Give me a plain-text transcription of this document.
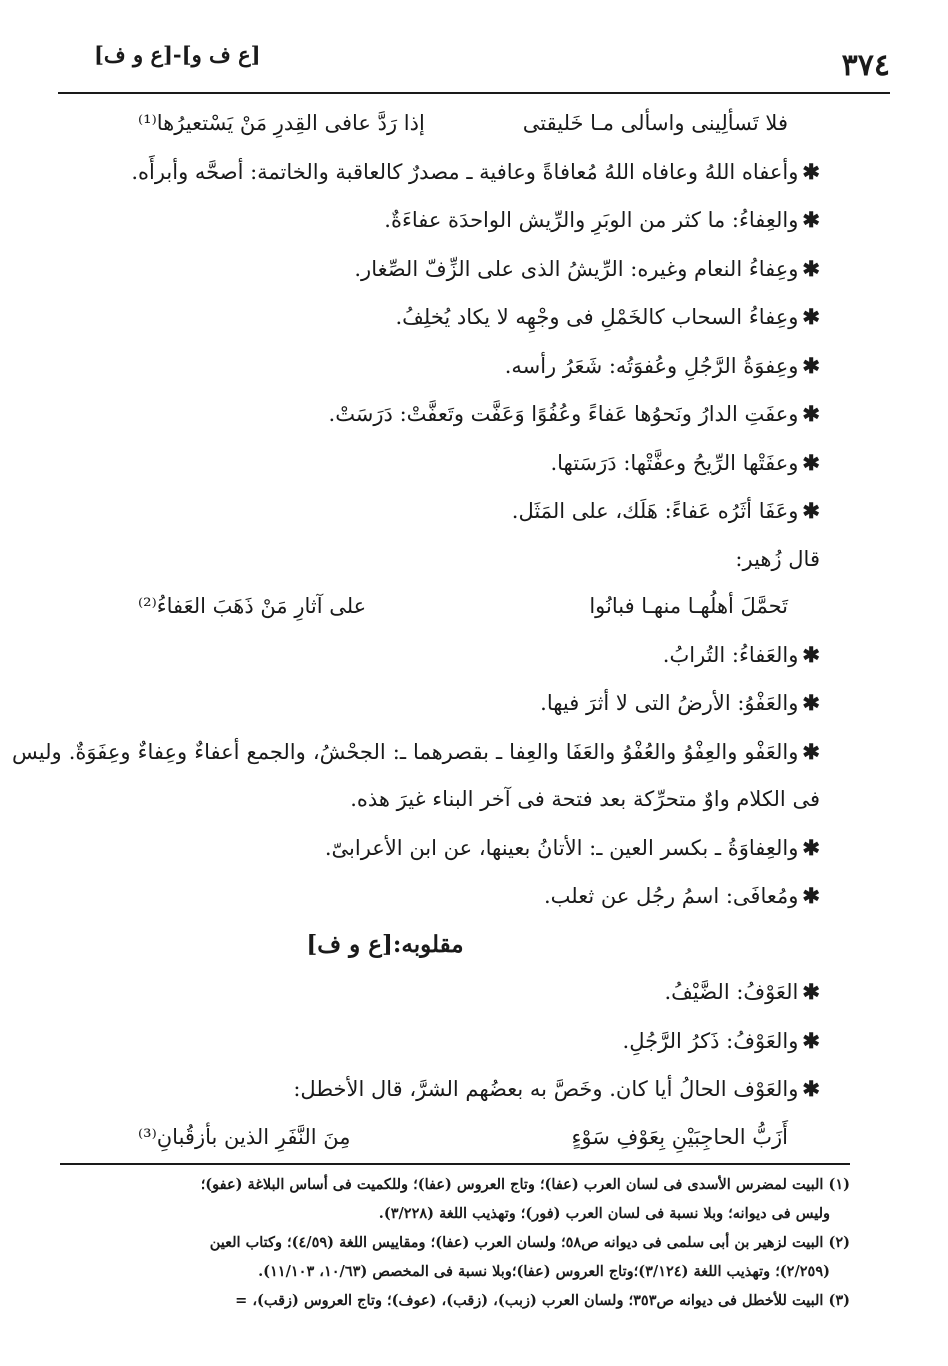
٣٧٤
[ع ف و]-[ع و ف]
فلا تَسألِينى واسألى مـا خَليقتى
إذا رَدَّ عافى القِدرِ مَنْ يَسْتعيرُها⁽¹⁾
✱وأعفاه اللهُ وعافاه اللهُ مُعافاةً وعافية ـ مصدرٌ كالعاقبة والخاتمة: أصحَّه وأبرأَه.
✱والعِفاءُ: ما كثر من الوبَرِ والرِّيش الواحدَة عفاءَةٌ.
✱وعِفاءُ النعام وغيره: الرِّيشُ الذى على الزِّفّ الصِّغار.
✱وعِفاءُ السحاب كالخَمْلِ فى وجْهِه لا يكاد يُخلِفُ.
✱وعِفوَةُ الرَّجُلِ وعُفوَتُه: شَعَرُ رأسه.
✱وعفَتِ الدارُ ونَحوُها عَفاءً وعُفُوًا وَعَفَّت وتَعفَّتْ: دَرَسَتْ.
✱وعفَتْها الرِّيحُ وعفَّتْها: دَرَسَتها.
✱وعَفَا أثَرُه عَفاءً: هَلَك، على المَثَل.
قال زُهير:
تَحمَّلَ أهلُهـا منهـا فبانُوا
على آثارِ مَنْ ذَهَبَ العَفاءُ⁽²⁾
✱والعَفاءُ: التُرابُ.
✱والعَفْوُ: الأرضُ التى لا أثرَ فيها.
✱والعَفْو والعِفْوُ والعُفْوُ والعَفَا والعِفا ـ بقصرهما ـ: الجحْشُ، والجمع أعفاءٌ وعِفاءٌ وعِفَوَةٌ. وليس فى الكلام واوٌ متحرِّكة بعد فتحة فى آخر البناء غيرَ هذه.
✱والعِفاوَةُ ـ بكسر العين ـ: الأتانُ بعينها، عن ابن الأعرابىّ.
✱ومُعافَى: اسمُ رجُل عن ثعلب.
مقلوبه:[ع و ف]
✱العَوْفُ: الضَّيْفُ.
✱والعَوْفُ: ذَكرُ الرَّجُلِ.
✱والعَوْف الحالُ أيا كان. وخَصَّ به بعضُهم الشرَّ، قال الأخطل:
أَزَبُّ الحاجِبَيْنِ بِعَوْفِ سَوْءٍ
مِنَ النَّفَرِ الذين بأزقُبانِ⁽³⁾
(١) البيت لمضرس الأسدى فى لسان العرب (عفا)؛ وتاج العروس (عفا)؛ وللكميت فى أساس البلاغة (عفو)؛
وليس فى ديوانه؛ وبلا نسبة فى لسان العرب (فور)؛ وتهذيب اللغة (٣/٢٢٨).
(٢) البيت لزهير بن أبى سلمى فى ديوانه ص٥٨؛ ولسان العرب (عفا)؛ ومقاييس اللغة (٤/٥٩)؛ وكتاب العين
(٢/٢٥٩)؛ وتهذيب اللغة (٣/١٢٤)؛وتاج العروس (عفا)؛وبلا نسبة فى المخصص (١٠/٦٣، ١١/١٠٣).
(٣) البيت للأخطل فى ديوانه ص٣٥٣؛ ولسان العرب (زبب)، (زقب)، (عوف)؛ وتاج العروس (زقب)، =
